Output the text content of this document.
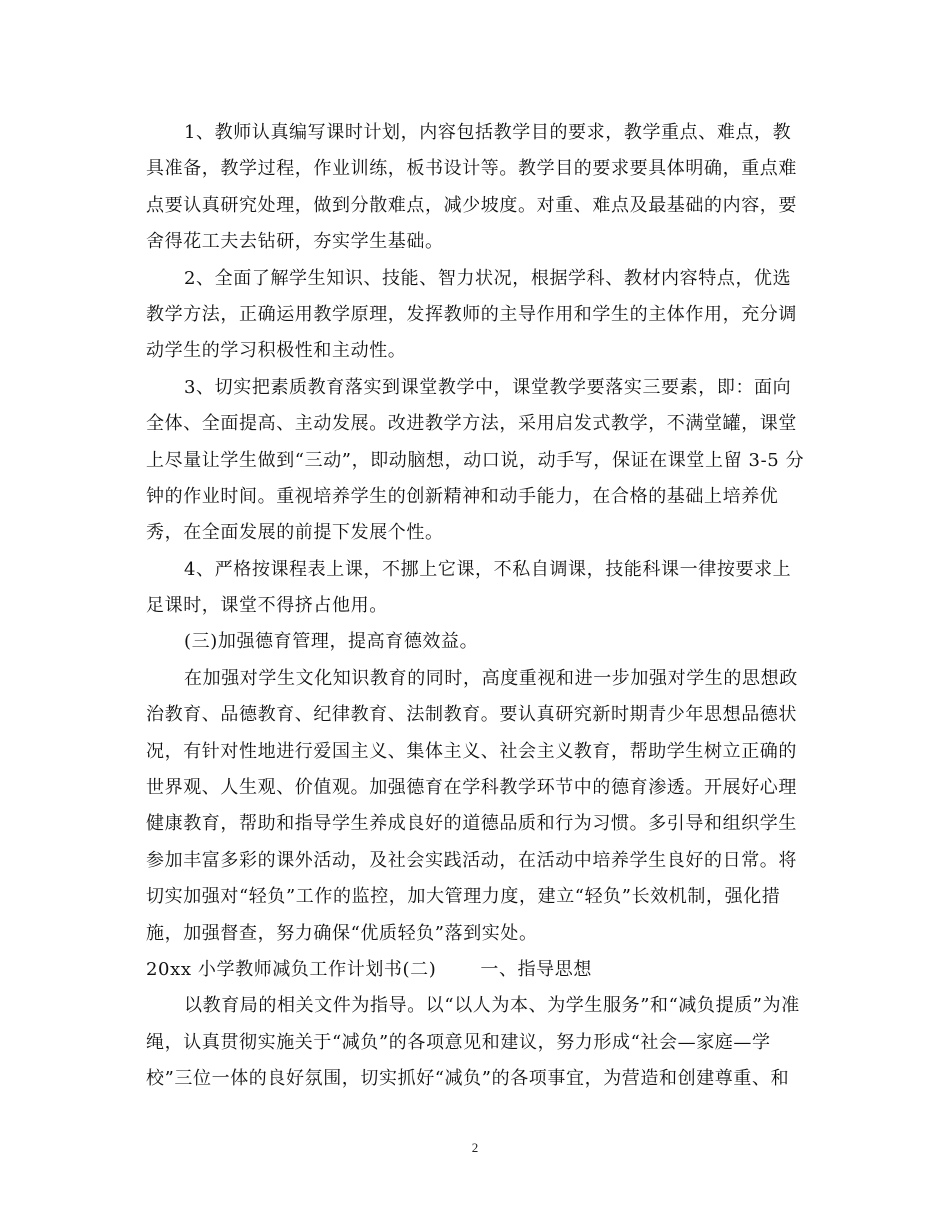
1、教师认真编写课时计划，内容包括教学目的要求，教学重点、难点，教
具准备，教学过程，作业训练，板书设计等。教学目的要求要具体明确，重点难
点要认真研究处理，做到分散难点，减少坡度。对重、难点及最基础的内容，要
舍得花工夫去钻研，夯实学生基础。
2、全面了解学生知识、技能、智力状况，根据学科、教材内容特点，优选
教学方法，正确运用教学原理，发挥教师的主导作用和学生的主体作用，充分调
动学生的学习积极性和主动性。
3、切实把素质教育落实到课堂教学中，课堂教学要落实三要素，即：面向
全体、全面提高、主动发展。改进教学方法，采用启发式教学，不满堂罐，课堂
上尽量让学生做到“三动”，即动脑想，动口说，动手写，保证在课堂上留 3-5 分
钟的作业时间。重视培养学生的创新精神和动手能力，在合格的基础上培养优
秀，在全面发展的前提下发展个性。
4、严格按课程表上课，不挪上它课，不私自调课，技能科课一律按要求上
足课时，课堂不得挤占他用。
(三)加强德育管理，提高育德效益。
在加强对学生文化知识教育的同时，高度重视和进一步加强对学生的思想政
治教育、品德教育、纪律教育、法制教育。要认真研究新时期青少年思想品德状
况，有针对性地进行爱国主义、集体主义、社会主义教育，帮助学生树立正确的
世界观、人生观、价值观。加强德育在学科教学环节中的德育渗透。开展好心理
健康教育，帮助和指导学生养成良好的道德品质和行为习惯。多引导和组织学生
参加丰富多彩的课外活动，及社会实践活动，在活动中培养学生良好的日常。将
切实加强对“轻负”工作的监控，加大管理力度，建立“轻负”长效机制，强化措
施，加强督查，努力确保“优质轻负”落到实处。
20xx 小学教师减负工作计划书(二) 一、指导思想
以教育局的相关文件为指导。以“以人为本、为学生服务”和“减负提质”为准
绳，认真贯彻实施关于“减负”的各项意见和建议，努力形成“社会—家庭—学
校”三位一体的良好氛围，切实抓好“减负”的各项事宜，为营造和创建尊重、和
2
